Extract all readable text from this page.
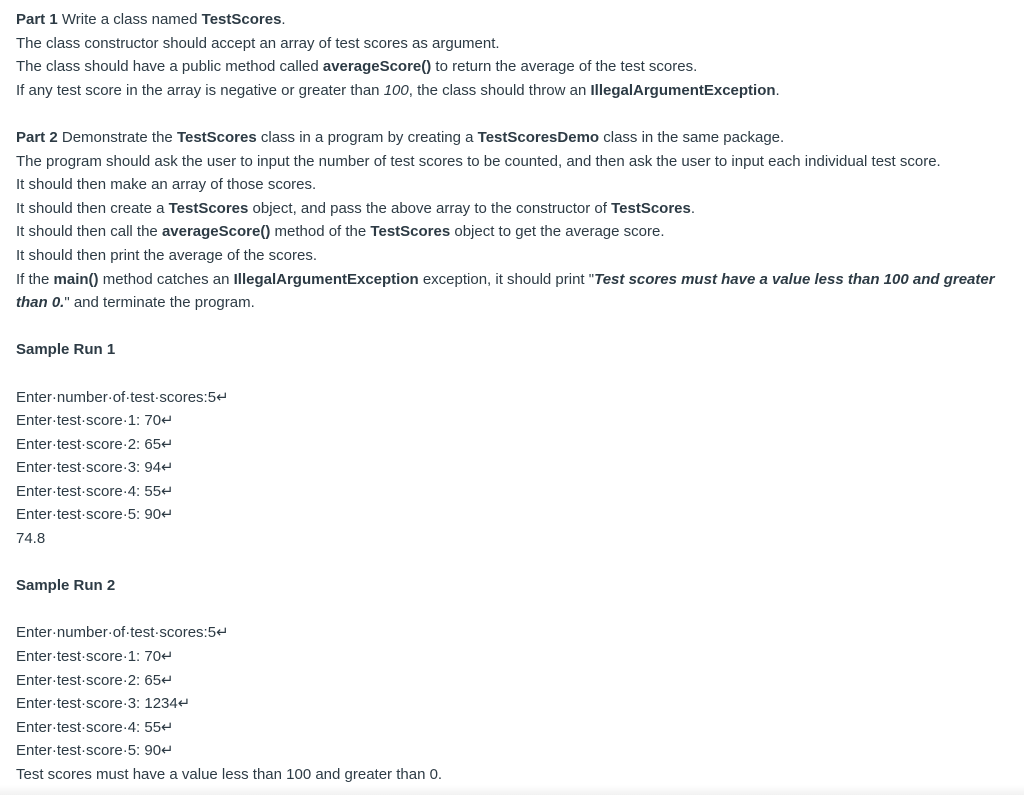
Part 1 Write a class named TestScores.
The class constructor should accept an array of test scores as argument.
The class should have a public method called averageScore() to return the average of the test scores.
If any test score in the array is negative or greater than 100, the class should throw an IllegalArgumentException.
Part 2 Demonstrate the TestScores class in a program by creating a TestScoresDemo class in the same package.
The program should ask the user to input the number of test scores to be counted, and then ask the user to input each individual test score.
It should then make an array of those scores.
It should then create a TestScores object, and pass the above array to the constructor of TestScores.
It should then call the averageScore() method of the TestScores object to get the average score.
It should then print the average of the scores.
If the main() method catches an IllegalArgumentException exception, it should print "Test scores must have a value less than 100 and greater than 0." and terminate the program.
Sample Run 1
Enter·number·of·test·scores:5↵
Enter·test·score·1: 70↵
Enter·test·score·2: 65↵
Enter·test·score·3: 94↵
Enter·test·score·4: 55↵
Enter·test·score·5: 90↵
74.8
Sample Run 2
Enter·number·of·test·scores:5↵
Enter·test·score·1: 70↵
Enter·test·score·2: 65↵
Enter·test·score·3: 1234↵
Enter·test·score·4: 55↵
Enter·test·score·5: 90↵
Test scores must have a value less than 100 and greater than 0.
